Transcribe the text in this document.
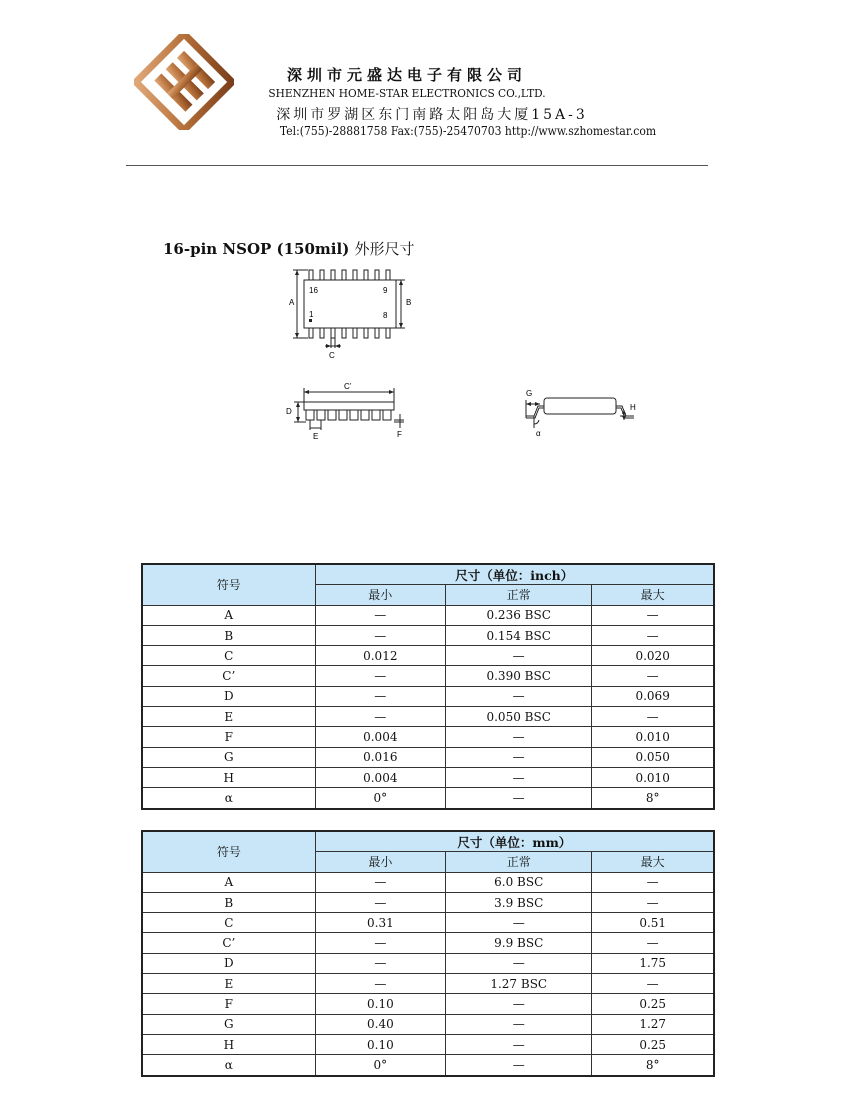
深圳市元盛达电子有限公司
SHENZHEN HOME-STAR ELECTRONICS CO.,LTD.
深圳市罗湖区东门南路太阳岛大厦15A-3
Tel:(755)-28881758 Fax:(755)-25470703 http://www.szhomestar.com
16-pin NSOP (150mil) 外形尺寸
A	B
C
16	9
1	8
C’
D
E	F
G
H
α
符号	尺寸（单位：inch）		
	最小	正常	最大
A	—	0.236 BSC	—
B	—	0.154 BSC	—
C	0.012	—	0.020
C’	—	0.390 BSC	—
D	—	—	0.069
E	—	0.050 BSC	—
F	0.004	—	0.010
G	0.016	—	0.050
H	0.004	—	0.010
α	0°	—	8°
符号	尺寸（单位：mm）		
	最小	正常	最大
A	—	6.0 BSC	—
B	—	3.9 BSC	—
C	0.31	—	0.51
C’	—	9.9 BSC	—
D	—	—	1.75
E	—	1.27 BSC	—
F	0.10	—	0.25
G	0.40	—	1.27
H	0.10	—	0.25
α	0°	—	8°
